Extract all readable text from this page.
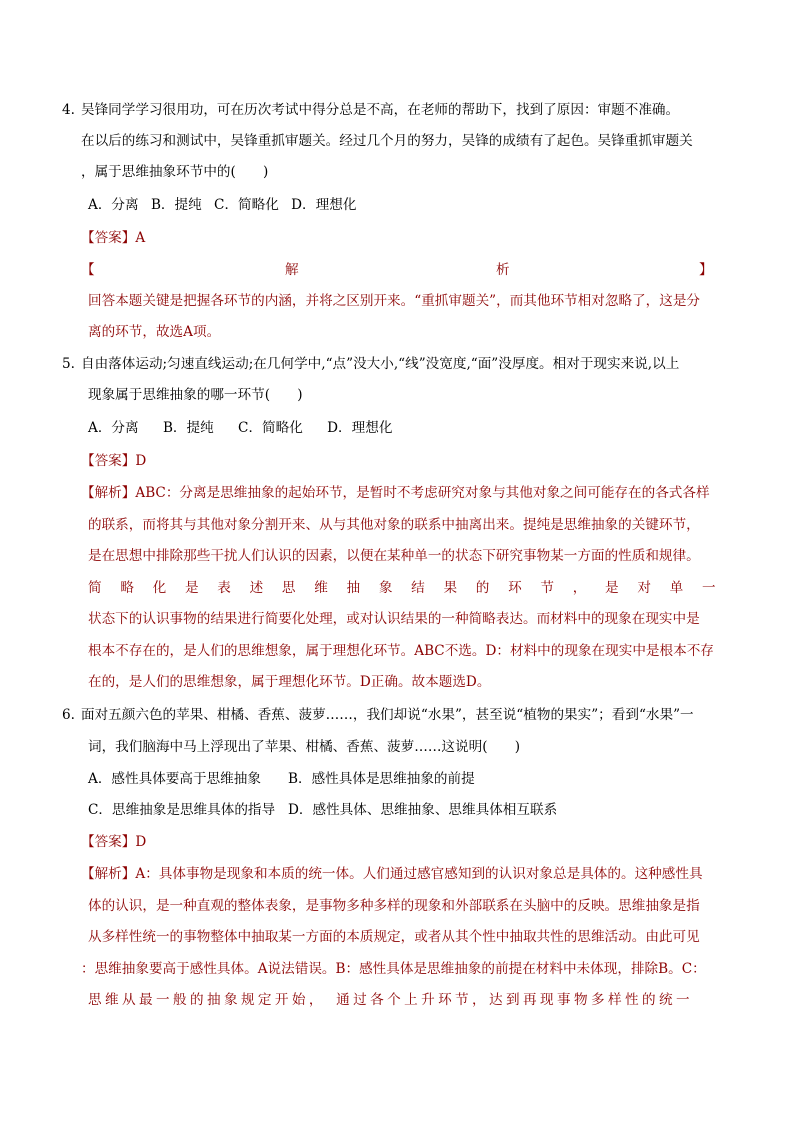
4. 吴锋同学学习很用功，可在历次考试中得分总是不高，在老师的帮助下，找到了原因：审题不准确。
在以后的练习和测试中，吴锋重抓审题关。经过几个月的努力，吴锋的成绩有了起色。吴锋重抓审题关
，属于思维抽象环节中的(　　)
A．分离 B．提纯 C．简略化 D．理想化
【答案】A
【	解	析	】
回答本题关键是把握各环节的内涵，并将之区别开来。“重抓审题关”，而其他环节相对忽略了，这是分
离的环节，故选A项。
5. 自由落体运动;匀速直线运动;在几何学中,“点”没大小,“线”没宽度,“面”没厚度。相对于现实来说,以上
现象属于思维抽象的哪一环节(　　)
A．分离 B．提纯 C．简略化 D．理想化
【答案】D
【解析】ABC：分离是思维抽象的起始环节，是暂时不考虑研究对象与其他对象之间可能存在的各式各样
的联系，而将其与其他对象分割开来、从与其他对象的联系中抽离出来。提纯是思维抽象的关键环节，
是在思想中排除那些干扰人们认识的因素，以便在某种单一的状态下研究事物某一方面的性质和规律。
简 略 化 是 表 述 思 维 抽 象 结 果 的 环 节 ， 是 对 单 一
状态下的认识事物的结果进行简要化处理，或对认识结果的一种简略表达。而材料中的现象在现实中是
根本不存在的，是人们的思维想象，属于理想化环节。ABC不选。D：材料中的现象在现实中是根本不存
在的，是人们的思维想象，属于理想化环节。D正确。故本题选D。
6. 面对五颜六色的苹果、柑橘、香蕉、菠萝……，我们却说“水果”，甚至说“植物的果实”；看到“水果”一
词，我们脑海中马上浮现出了苹果、柑橘、香蕉、菠萝……这说明(　　)
A．感性具体要高于思维抽象 B．感性具体是思维抽象的前提
C．思维抽象是思维具体的指导 D．感性具体、思维抽象、思维具体相互联系
【答案】D
【解析】A：具体事物是现象和本质的统一体。人们通过感官感知到的认识对象总是具体的。这种感性具
体的认识，是一种直观的整体表象，是事物多种多样的现象和外部联系在头脑中的反映。思维抽象是指
从多样性统一的事物整体中抽取某一方面的本质规定，或者从其个性中抽取共性的思维活动。由此可见
：思维抽象要高于感性具体。A说法错误。B：感性具体是思维抽象的前提在材料中未体现，排除B。C：
思维从最一般的抽象规定开始，　通过各个上升环节，达到再现事物多样性的统一
